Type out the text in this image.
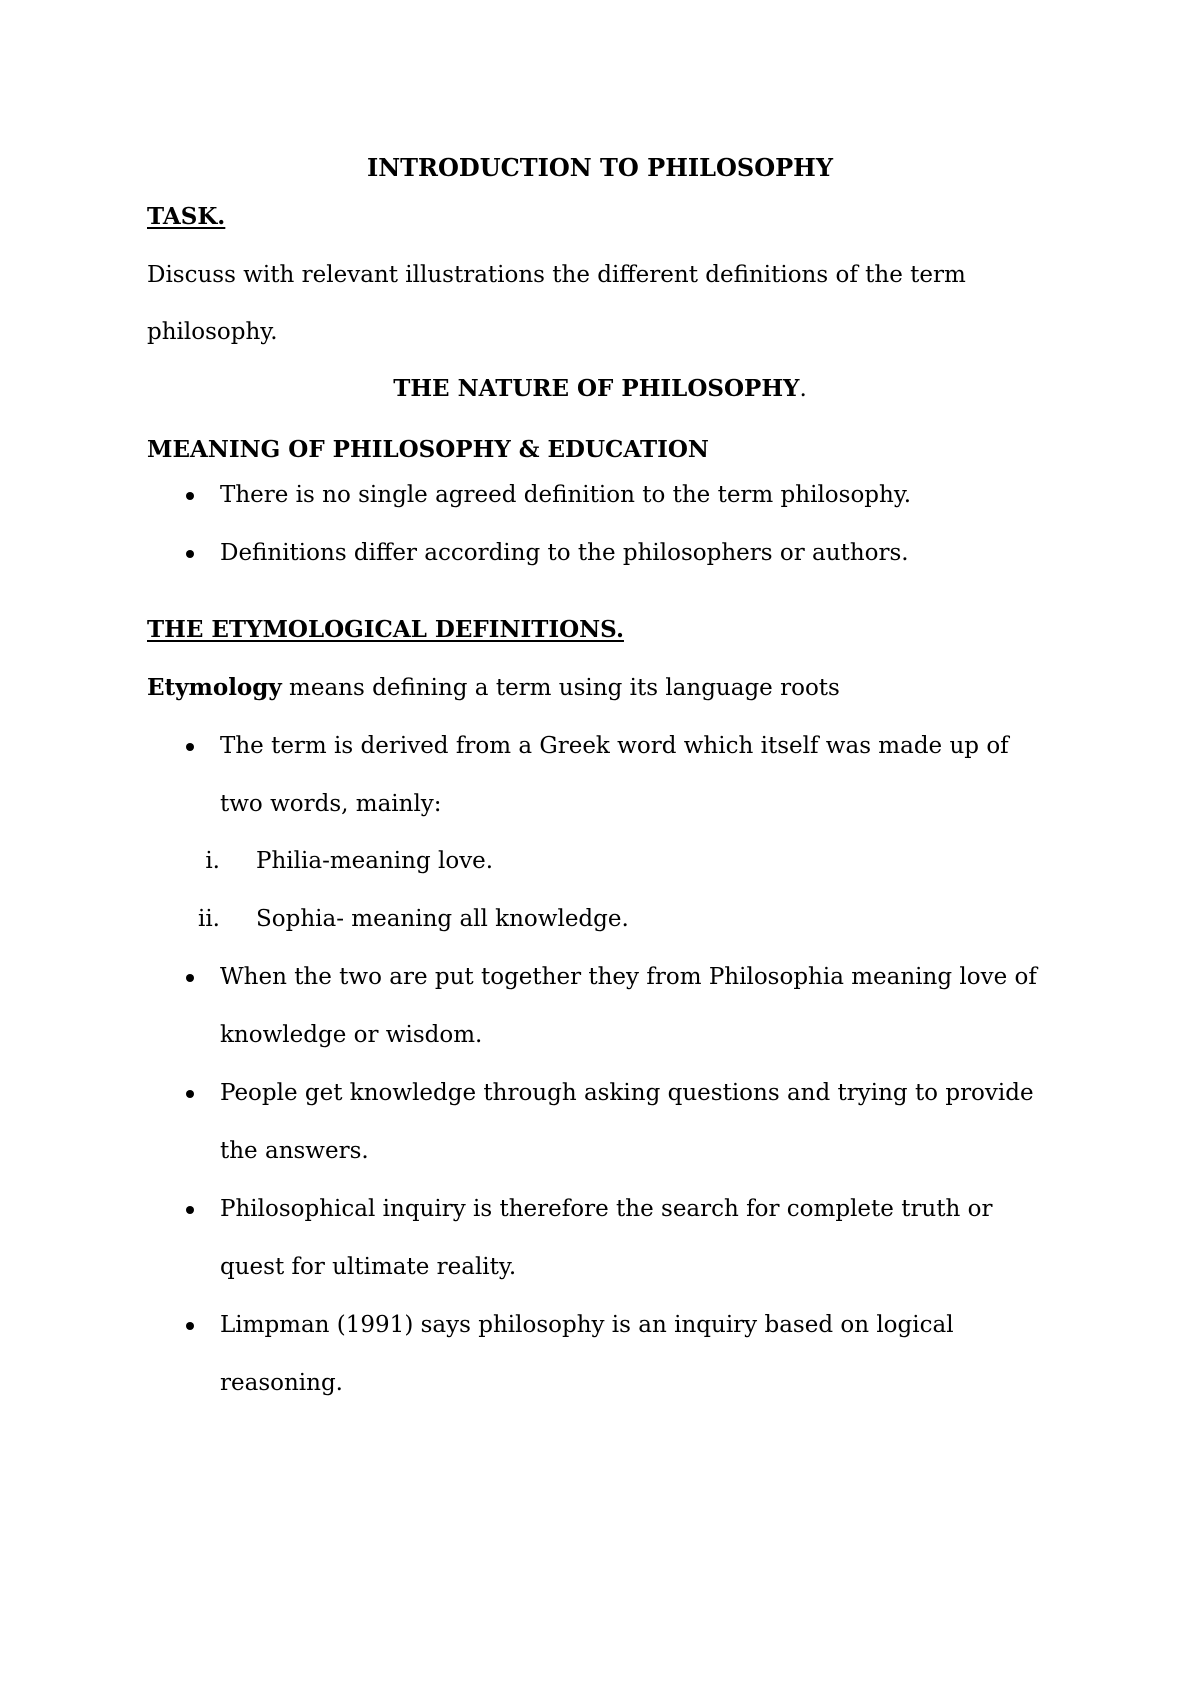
INTRODUCTION TO PHILOSOPHY
TASK.
Discuss with relevant illustrations the different definitions of the term
philosophy.
THE NATURE OF PHILOSOPHY.
MEANING OF PHILOSOPHY & EDUCATION
There is no single agreed definition to the term philosophy.
Definitions differ according to the philosophers or authors.
THE ETYMOLOGICAL DEFINITIONS.
Etymology means defining a term using its language roots
The term is derived from a Greek word which itself was made up of
two words, mainly:
i. Philia-meaning love.
ii. Sophia- meaning all knowledge.
When the two are put together they from Philosophia meaning love of
knowledge or wisdom.
People get knowledge through asking questions and trying to provide
the answers.
Philosophical inquiry is therefore the search for complete truth or
quest for ultimate reality.
Limpman (1991) says philosophy is an inquiry based on logical
reasoning.
